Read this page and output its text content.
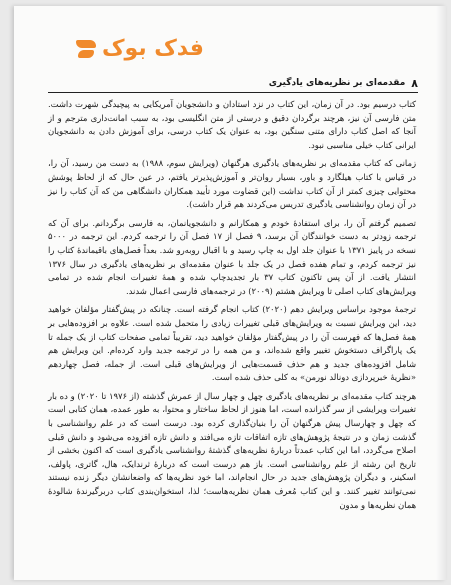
فدک بوک
۸
مقدمه‌ای بر نظریه‌های یادگیری

کتاب درسیم بود. در آن زمان، این کتاب در نزد استادان و دانشجویان آمریکایی به پیچیدگی شهرت داشت. متن فارسی آن نیز، هرچند برگردان دقیق و درستی از متن انگلیسی بود، به سبب امانت‌داری مترجم و از آنجا که اصل کتاب دارای متنی سنگین بود، به عنوان یک کتاب درسی، برای آموزش دادن به دانشجویان ایرانی کتاب خیلی مناسبی نبود.

زمانی که کتاب مقدمه‌ای بر نظریه‌های یادگیری هرگنهان (ویرایش سوم، ۱۹۸۸) به دست من رسید، آن را، در قیاس با کتاب هیلگارد و باور، بسیار روان‌تر و آموزش‌پذیرتر یافتم، در عین حال که از لحاظ پوشش محتوایی چیزی کمتر از آن کتاب نداشت (این قضاوت مورد تأیید همکاران دانشگاهی من که آن کتاب را نیز در آن زمان روانشناسی یادگیری تدریس می‌کردند هم قرار داشت).

تصمیم گرفتم آن را، برای استفادهٔ خودم و همکارانم و دانشجویانمان، به فارسی برگردانم. برای آن که ترجمه زودتر به دست خوانندگان آن برسد، ۹ فصل از ۱۷ فصل آن را ترجمه کردم. این ترجمه در ۵۰۰۰ نسخه در پاییز ۱۳۷۱ با عنوان جلد اول به چاپ رسید و با اقبال روبه‌رو شد. بعداً فصل‌های باقیماندهٔ کتاب را نیز ترجمه کردم، و تمام هفده فصل در یک جلد با عنوان مقدمه‌ای بر نظریه‌های یادگیری در سال ۱۳۷۶ انتشار یافت. از آن پس تاکنون کتاب ۳۷ بار تجدیدچاپ شده و همهٔ تغییرات انجام شده در تمامی ویرایش‌های کتاب اصلی تا ویرایش هشتم (۲۰۰۹) در ترجمه‌های فارسی اعمال شدند.

ترجمهٔ موجود براساس ویرایش دهم (۲۰۲۰) کتاب انجام گرفته است. چنانکه در پیش‌گفتار مؤلفان خواهید دید، این ویرایش نسبت به ویرایش‌های قبلی تغییرات زیادی را متحمل شده است. علاوه بر افزوده‌هایی بر همهٔ فصل‌ها که فهرست آن را در پیش‌گفتار مؤلفان خواهید دید، تقریباً تمامی صفحات کتاب از یک جمله تا یک پاراگراف دستخوش تغییر واقع شده‌اند، و من همه را در ترجمه جدید وارد کرده‌ام. این ویرایش هم شامل افزوده‌های جدید و هم حذف قسمت‌هایی از ویرایش‌های قبلی است. از جمله، فصل چهاردهم «نظریهٔ خبرپردازی دونالد نورمن» به کلی حذف شده است.

هرچند کتاب مقدمه‌ای بر نظریه‌های یادگیری چهل و چهار سال از عمرش گذشته (از ۱۹۷۶ تا ۲۰۲۰) و ده بار تغییرات ویرایشی از سر گذرانده است، اما هنوز از لحاظ ساختار و محتوا، به طور عمده، همان کتابی است که چهل و چهارسال پیش هرگنهان آن را بنیان‌گذاری کرده بود. درست است که در علم روانشناسی با گذشت زمان و در نتیجهٔ پژوهش‌های تازه اتفاقات تازه می‌افتد و دانش تازه افزوده می‌شود و دانش قبلی اصلاح می‌گردد، اما این کتاب عمدتاً دربارهٔ نظریه‌های گذشتهٔ روانشناسی یادگیری است که اکنون بخشی از تاریخ این رشته از علم روانشناسی است. باز هم درست است که دربارهٔ ثرندایک، هال، گاتری، پاولف، اسکینر، و دیگران پژوهش‌های جدید در حال انجام‌اند، اما خود نظریه‌ها که واضعانشان دیگر زنده نیستند نمی‌توانند تغییر کنند. و این کتاب مُعرف همان نظریه‌هاست؛ لذا، استخوان‌بندی کتاب دربرگیرندهٔ شالودهٔ همان نظریه‌ها و مدون
